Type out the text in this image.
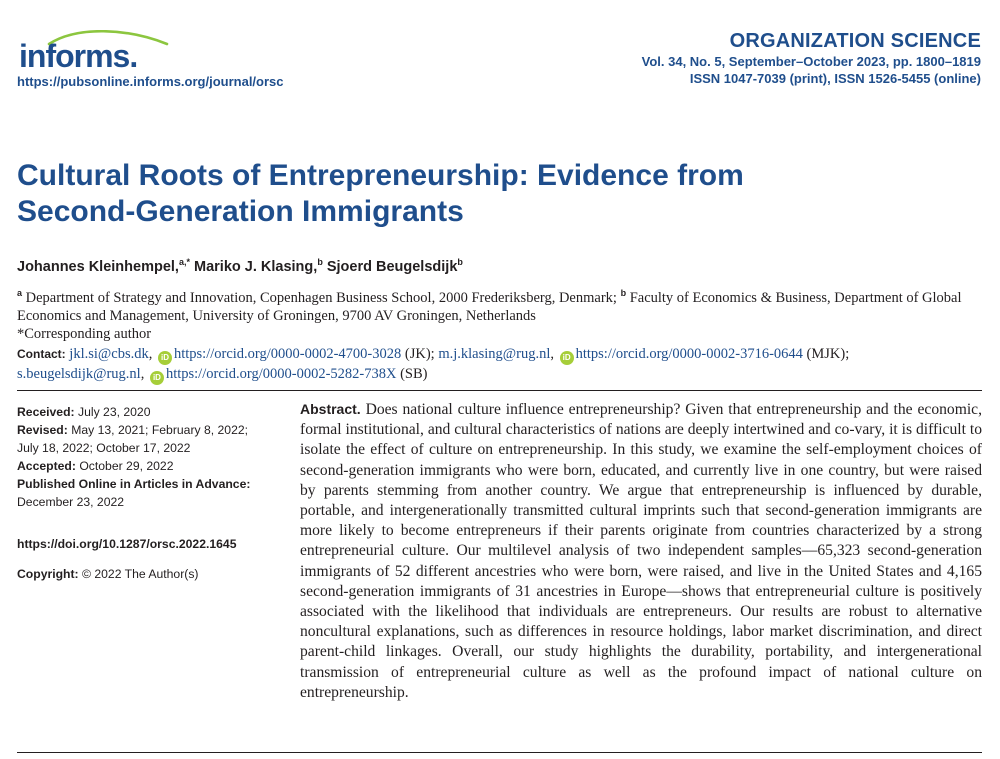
informs.
https://pubsonline.informs.org/journal/orsc
ORGANIZATION SCIENCE
Vol. 34, No. 5, September–October 2023, pp. 1800–1819
ISSN 1047-7039 (print), ISSN 1526-5455 (online)
Cultural Roots of Entrepreneurship: Evidence from
Second-Generation Immigrants
Johannes Kleinhempel,$^{a,*}$ Mariko J. Klasing,$^b$ Sjoerd Beugelsdijk$^b$
$^a$ Department of Strategy and Innovation, Copenhagen Business School, 2000 Frederiksberg, Denmark; $^b$ Faculty of Economics & Business, Department of Global Economics and Management, University of Groningen, 9700 AV Groningen, Netherlands
*Corresponding author
Contact: jkl.si@cbs.dk, iD https://orcid.org/0000-0002-4700-3028 (JK); m.j.klasing@rug.nl, iD https://orcid.org/0000-0002-3716-0644 (MJK);
s.beugelsdijk@rug.nl, iD https://orcid.org/0000-0002-5282-738X (SB)
Received: July 23, 2020
Revised: May 13, 2021; February 8, 2022;
July 18, 2022; October 17, 2022
Accepted: October 29, 2022
Published Online in Articles in Advance:
December 23, 2022
https://doi.org/10.1287/orsc.2022.1645
Copyright: © 2022 The Author(s)

Abstract. Does national culture influence entrepreneurship? Given that entrepreneurship and the economic, formal institutional, and cultural characteristics of nations are deeply intertwined and co-vary, it is difficult to isolate the effect of culture on entrepreneurship. In this study, we examine the self-employment choices of second-generation immigrants who were born, educated, and currently live in one country, but were raised by parents stemming from another country. We argue that entrepreneurship is influenced by durable, portable, and intergenerationally transmitted cultural imprints such that second-generation immigrants are more likely to become entrepreneurs if their parents originate from countries characterized by a strong entrepreneurial culture. Our multilevel analysis of two independent samples—65,323 second-generation immigrants of 52 different ancestries who were born, were raised, and live in the United States and 4,165 second-generation immigrants of 31 ancestries in Europe—shows that entrepreneurial culture is positively associated with the likelihood that individuals are entrepreneurs. Our results are robust to alternative noncultural explanations, such as differences in resource holdings, labor market discrimination, and direct parent-child linkages. Overall, our study highlights the durability, portability, and intergenerational transmission of entrepreneurial culture as well as the profound impact of national culture on entrepreneurship.
